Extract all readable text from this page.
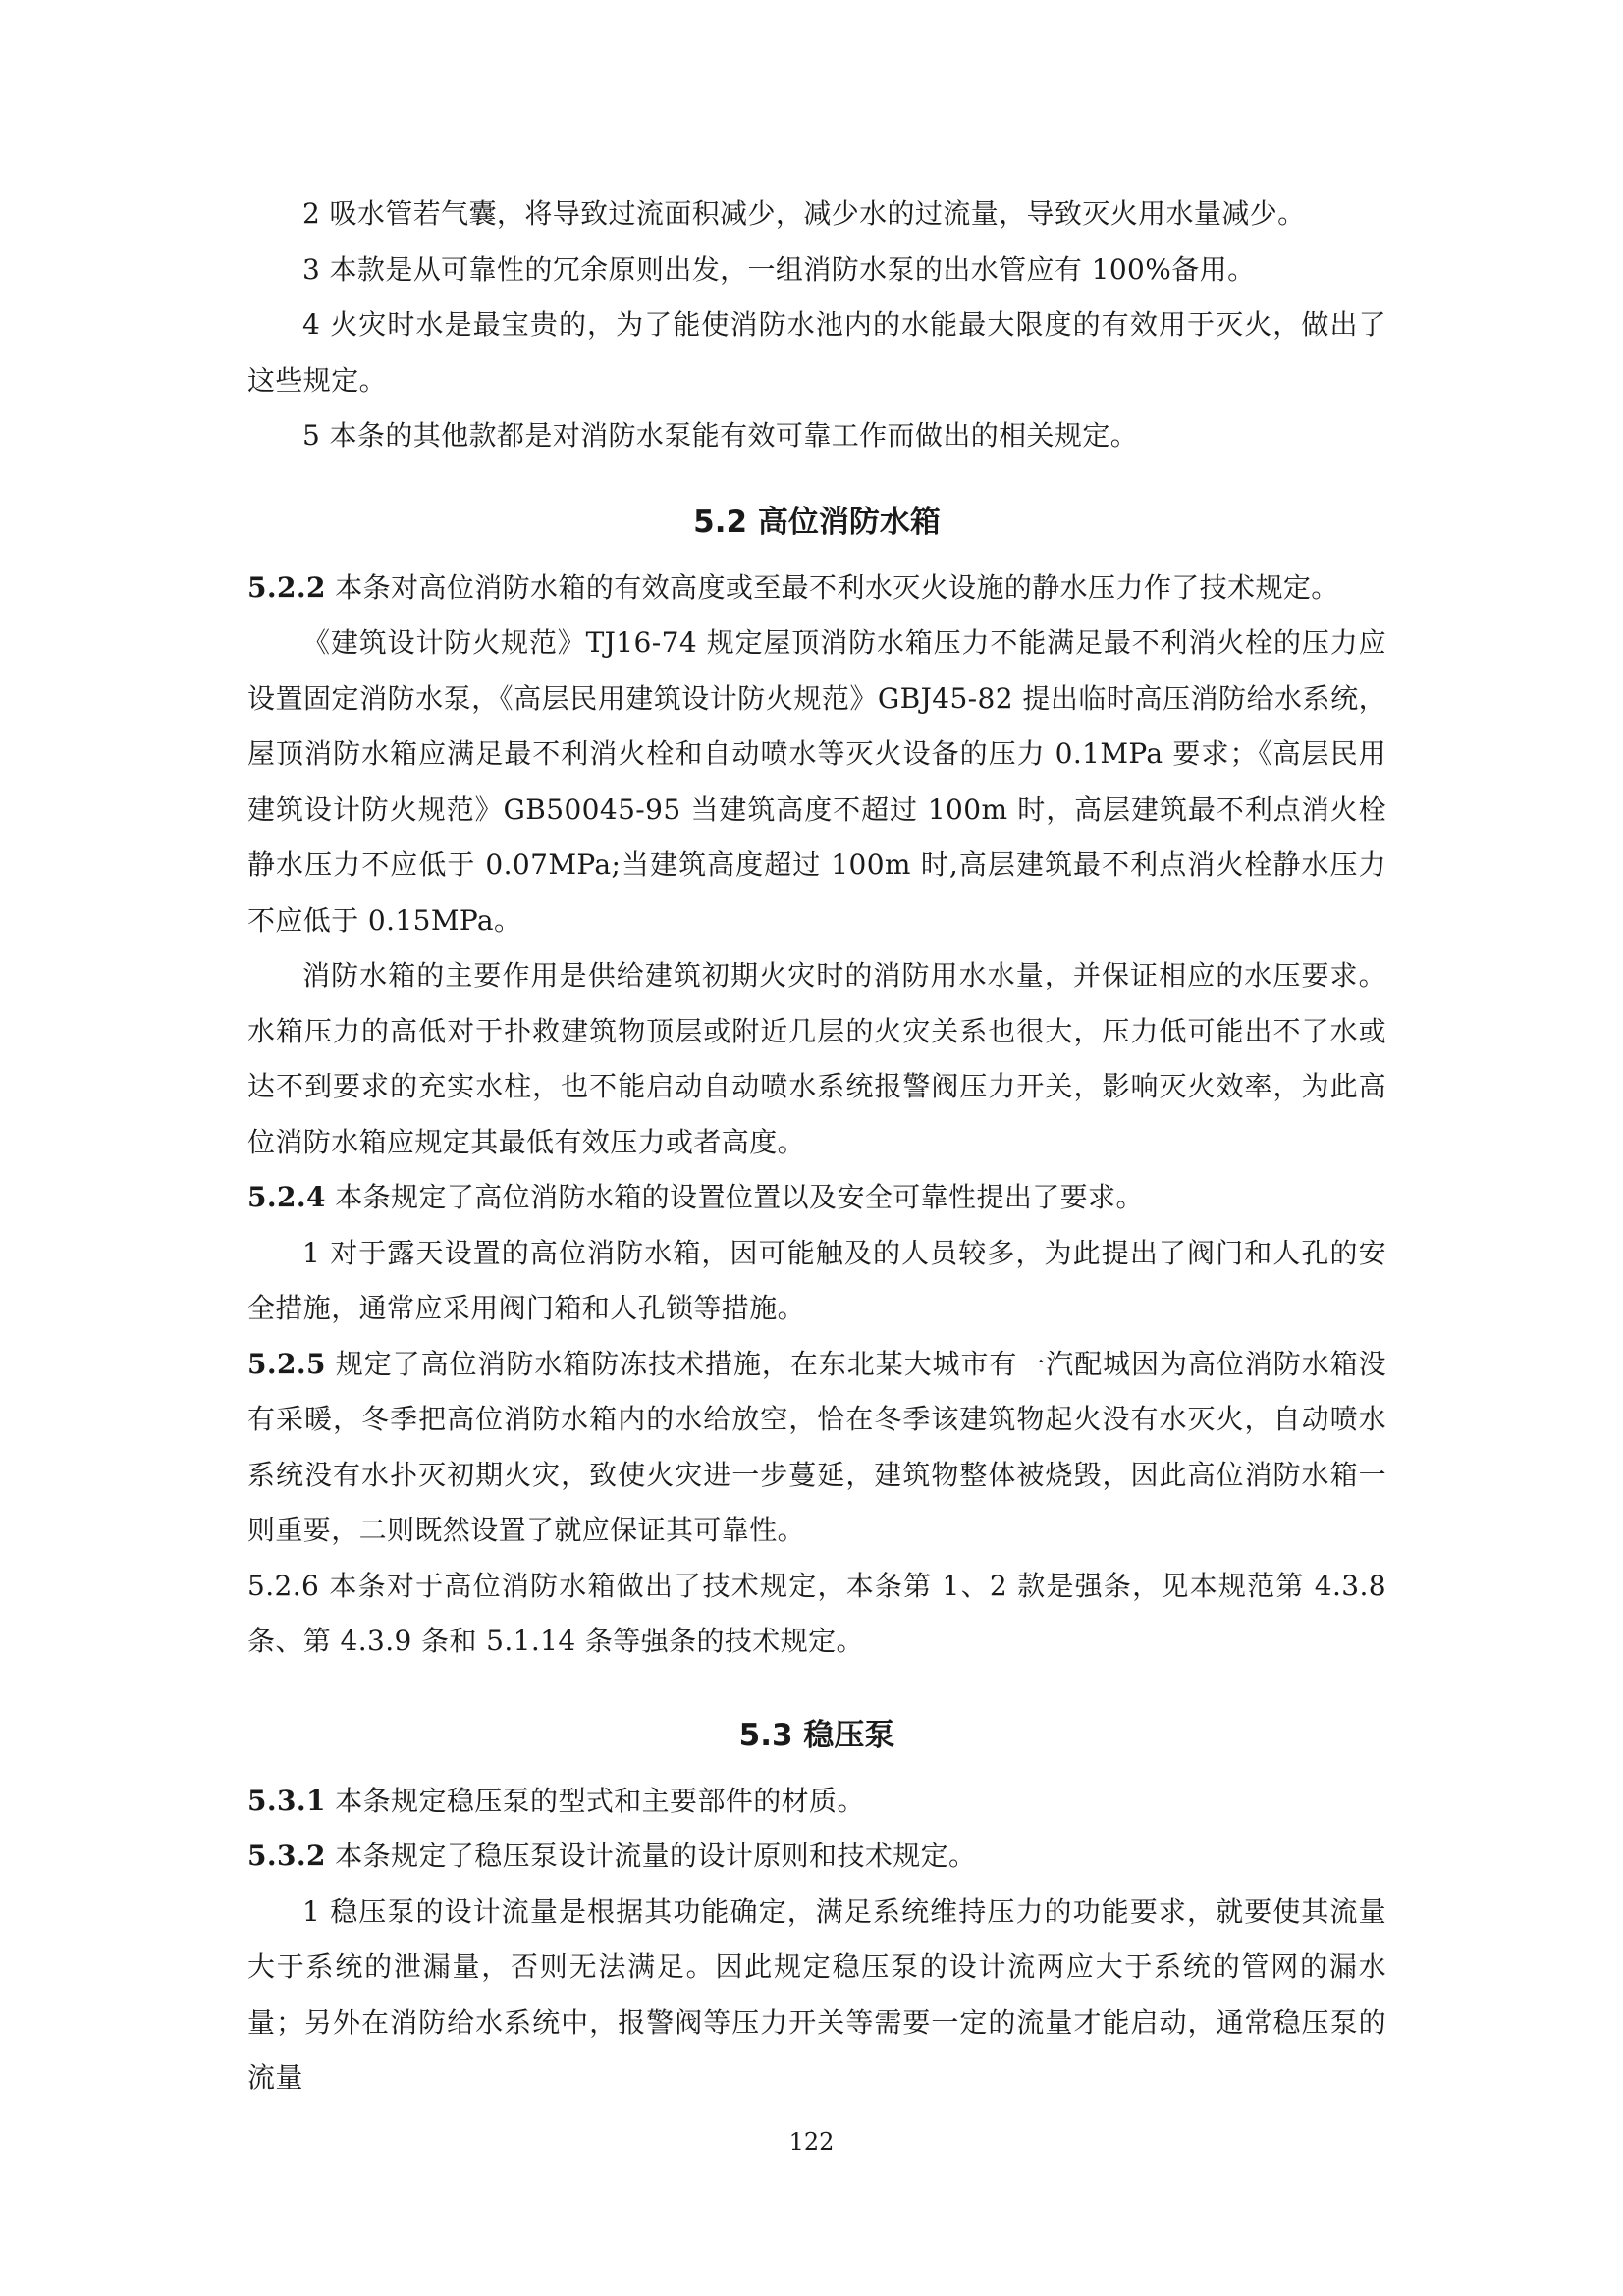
2 吸水管若气囊，将导致过流面积减少，减少水的过流量，导致灭火用水量减少。

3 本款是从可靠性的冗余原则出发，一组消防水泵的出水管应有 100%备用。

4 火灾时水是最宝贵的，为了能使消防水池内的水能最大限度的有效用于灭火，做出了这些规定。

5 本条的其他款都是对消防水泵能有效可靠工作而做出的相关规定。

5.2 高位消防水箱

5.2.2 本条对高位消防水箱的有效高度或至最不利水灭火设施的静水压力作了技术规定。

《建筑设计防火规范》TJ16-74 规定屋顶消防水箱压力不能满足最不利消火栓的压力应设置固定消防水泵，《高层民用建筑设计防火规范》GBJ45-82 提出临时高压消防给水系统，屋顶消防水箱应满足最不利消火栓和自动喷水等灭火设备的压力 0.1MPa 要求；《高层民用建筑设计防火规范》GB50045-95 当建筑高度不超过 100m 时，高层建筑最不利点消火栓静水压力不应低于 0.07MPa;当建筑高度超过 100m 时,高层建筑最不利点消火栓静水压力不应低于 0.15MPa。

消防水箱的主要作用是供给建筑初期火灾时的消防用水水量，并保证相应的水压要求。水箱压力的高低对于扑救建筑物顶层或附近几层的火灾关系也很大，压力低可能出不了水或达不到要求的充实水柱，也不能启动自动喷水系统报警阀压力开关，影响灭火效率，为此高位消防水箱应规定其最低有效压力或者高度。

5.2.4 本条规定了高位消防水箱的设置位置以及安全可靠性提出了要求。

1 对于露天设置的高位消防水箱，因可能触及的人员较多，为此提出了阀门和人孔的安全措施，通常应采用阀门箱和人孔锁等措施。

5.2.5 规定了高位消防水箱防冻技术措施，在东北某大城市有一汽配城因为高位消防水箱没有采暖，冬季把高位消防水箱内的水给放空，恰在冬季该建筑物起火没有水灭火，自动喷水系统没有水扑灭初期火灾，致使火灾进一步蔓延，建筑物整体被烧毁，因此高位消防水箱一则重要，二则既然设置了就应保证其可靠性。

5.2.6 本条对于高位消防水箱做出了技术规定，本条第 1、2 款是强条，见本规范第 4.3.8 条、第 4.3.9 条和 5.1.14 条等强条的技术规定。

5.3 稳压泵

5.3.1 本条规定稳压泵的型式和主要部件的材质。

5.3.2 本条规定了稳压泵设计流量的设计原则和技术规定。

1 稳压泵的设计流量是根据其功能确定，满足系统维持压力的功能要求，就要使其流量大于系统的泄漏量，否则无法满足。因此规定稳压泵的设计流两应大于系统的管网的漏水量；另外在消防给水系统中，报警阀等压力开关等需要一定的流量才能启动，通常稳压泵的流量

122
